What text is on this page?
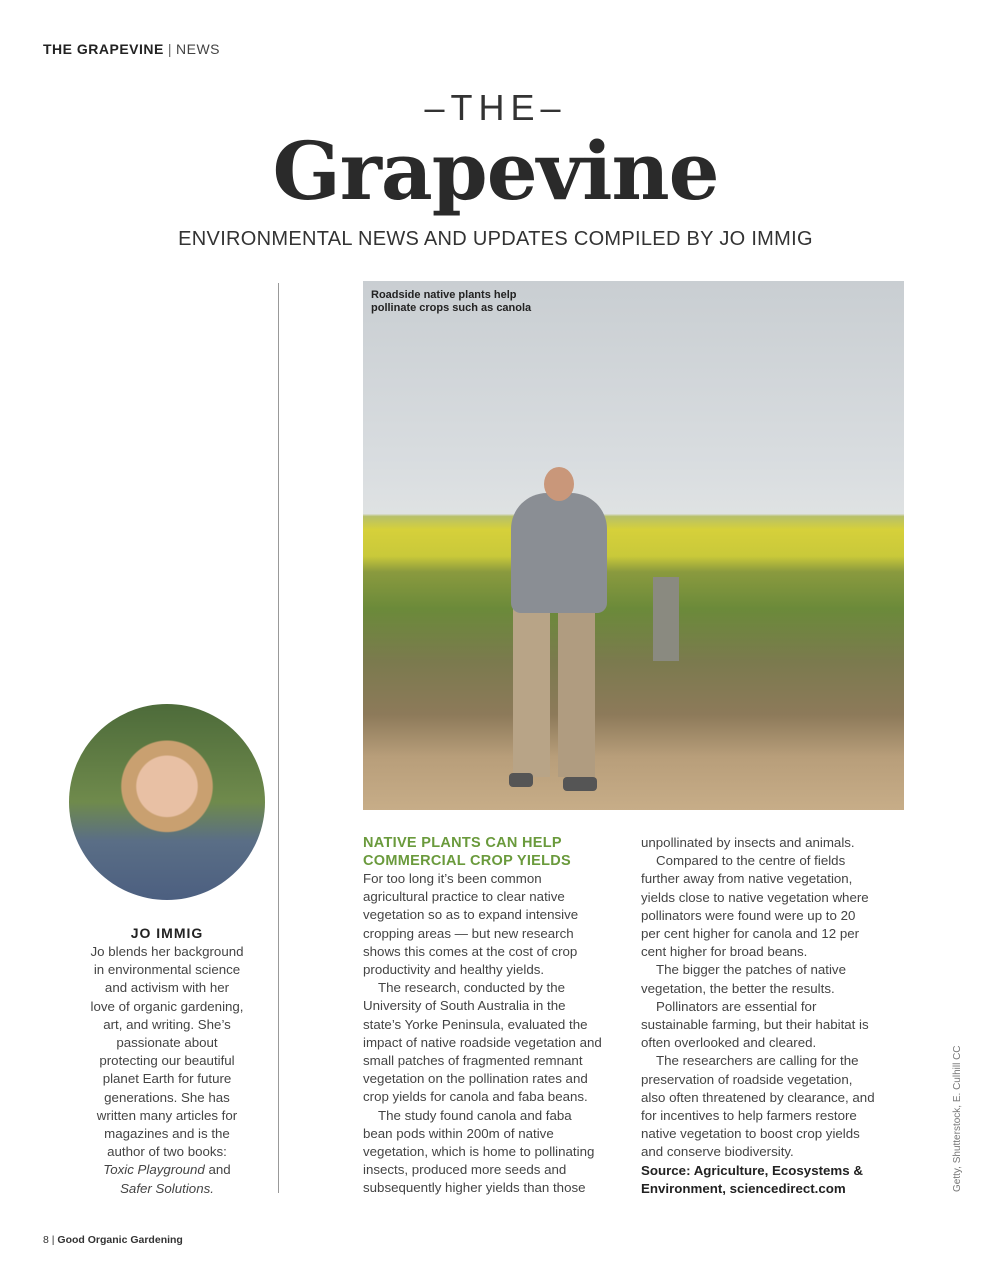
THE GRAPEVINE | NEWS
–THE–
Grapevine
ENVIRONMENTAL NEWS AND UPDATES COMPILED BY JO IMMIG
Roadside native plants help
pollinate crops such as canola
JO IMMIG
Jo blends her background
in environmental science
and activism with her
love of organic gardening,
art, and writing. She’s
passionate about
protecting our beautiful
planet Earth for future
generations. She has
written many articles for
magazines and is the
author of two books:
Toxic Playground and
Safer Solutions.
NATIVE PLANTS CAN HELP
COMMERCIAL CROP YIELDS
For too long it’s been common
agricultural practice to clear native
vegetation so as to expand intensive
cropping areas — but new research
shows this comes at the cost of crop
productivity and healthy yields.
The research, conducted by the
University of South Australia in the
state’s Yorke Peninsula, evaluated the
impact of native roadside vegetation and
small patches of fragmented remnant
vegetation on the pollination rates and
crop yields for canola and faba beans.
The study found canola and faba
bean pods within 200m of native
vegetation, which is home to pollinating
insects, produced more seeds and
subsequently higher yields than those
unpollinated by insects and animals.
Compared to the centre of fields
further away from native vegetation,
yields close to native vegetation where
pollinators were found were up to 20
per cent higher for canola and 12 per
cent higher for broad beans.
The bigger the patches of native
vegetation, the better the results.
Pollinators are essential for
sustainable farming, but their habitat is
often overlooked and cleared.
The researchers are calling for the
preservation of roadside vegetation,
also often threatened by clearance, and
for incentives to help farmers restore
native vegetation to boost crop yields
and conserve biodiversity.
Source: Agriculture, Ecosystems &
Environment, sciencedirect.com	Getty, Shutterstock, E. Culhill CC
8 | Good Organic Gardening
